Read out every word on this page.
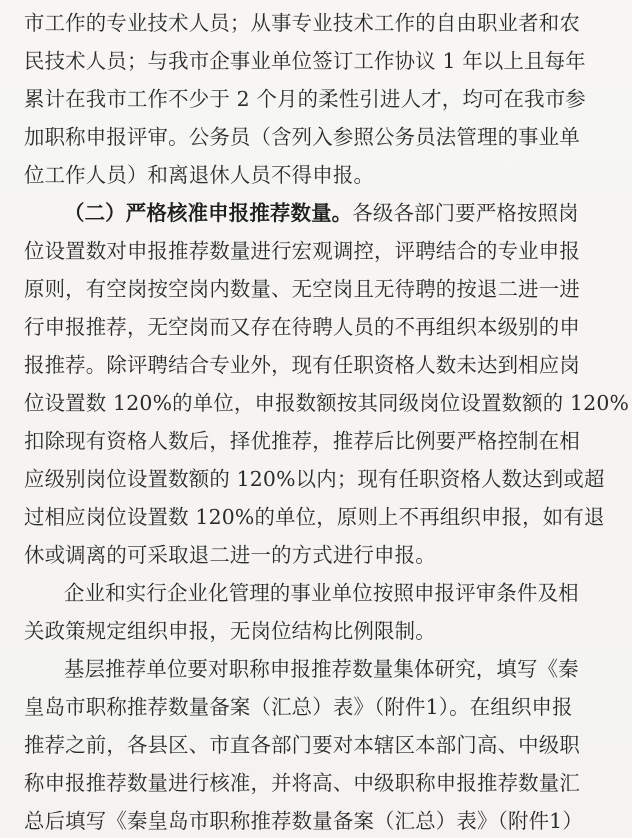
市工作的专业技术人员；从事专业技术工作的自由职业者和农
民技术人员；与我市企事业单位签订工作协议 1 年以上且每年
累计在我市工作不少于 2 个月的柔性引进人才，均可在我市参
加职称申报评审。公务员（含列入参照公务员法管理的事业单
位工作人员）和离退休人员不得申报。
（二）严格核准申报推荐数量。各级各部门要严格按照岗
位设置数对申报推荐数量进行宏观调控，评聘结合的专业申报
原则，有空岗按空岗内数量、无空岗且无待聘的按退二进一进
行申报推荐，无空岗而又存在待聘人员的不再组织本级别的申
报推荐。除评聘结合专业外，现有任职资格人数未达到相应岗
位设置数 120%的单位，申报数额按其同级岗位设置数额的 120%
扣除现有资格人数后，择优推荐，推荐后比例要严格控制在相
应级别岗位设置数额的 120%以内；现有任职资格人数达到或超
过相应岗位设置数 120%的单位，原则上不再组织申报，如有退
休或调离的可采取退二进一的方式进行申报。
企业和实行企业化管理的事业单位按照申报评审条件及相
关政策规定组织申报，无岗位结构比例限制。
基层推荐单位要对职称申报推荐数量集体研究，填写《秦
皇岛市职称推荐数量备案（汇总）表》（附件1）。在组织申报
推荐之前，各县区、市直各部门要对本辖区本部门高、中级职
称申报推荐数量进行核准，并将高、中级职称申报推荐数量汇
总后填写《秦皇岛市职称推荐数量备案（汇总）表》（附件1）
